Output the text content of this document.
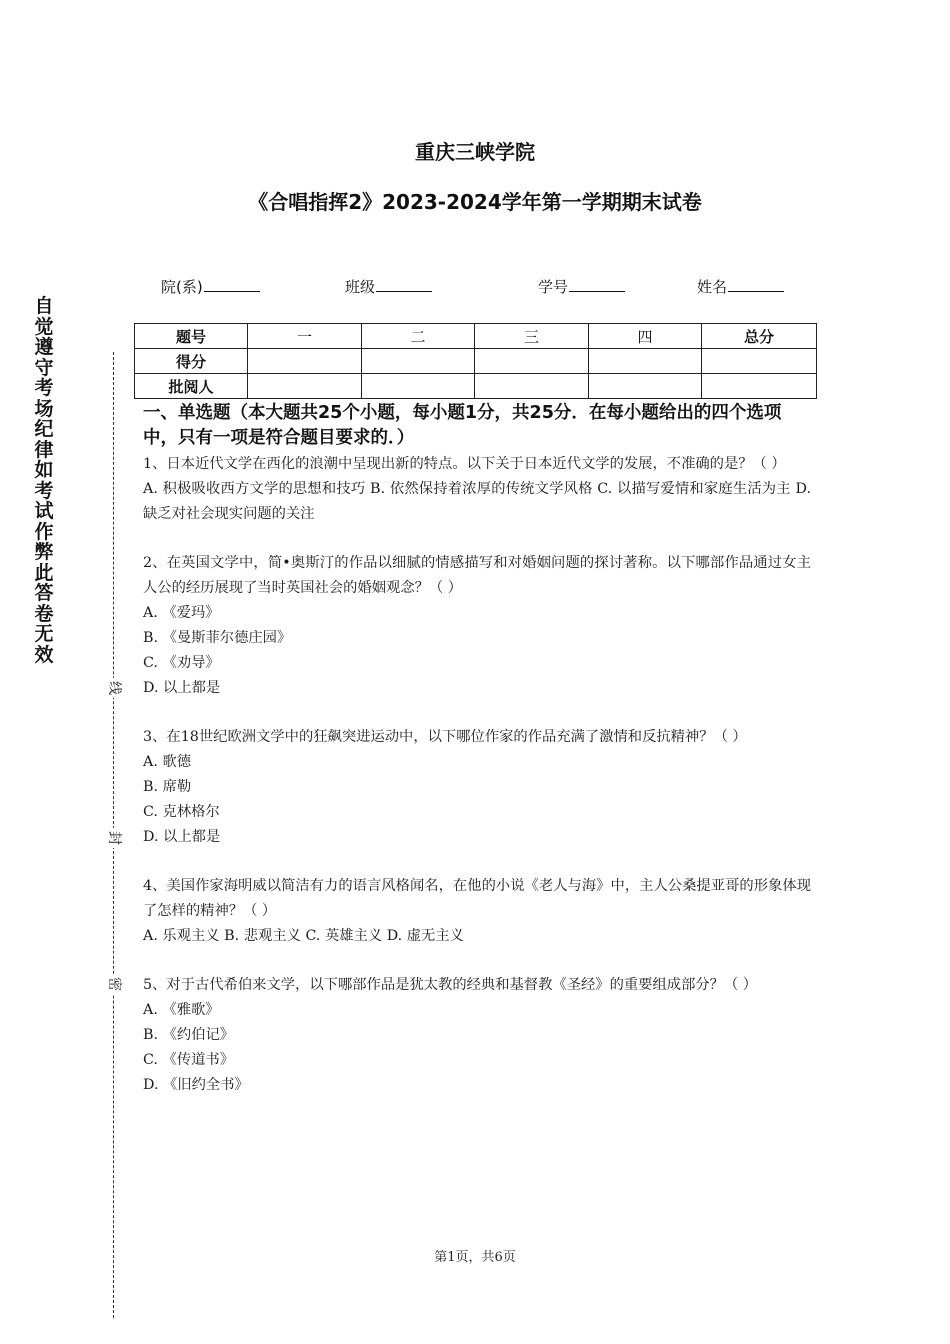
自觉遵守考场纪律如考试作弊此答卷无效
线
封
密
重庆三峡学院
《合唱指挥2》2023-2024学年第一学期期末试卷
院(系)	班级	学号	姓名
题号	一	二	三	四	总分
得分					
批阅人					
一、单选题（本大题共25个小题，每小题1分，共25分．在每小题给出的四个选项中，只有一项是符合题目要求的．）

1、日本近代文学在西化的浪潮中呈现出新的特点。以下关于日本近代文学的发展，不准确的是？（ ）

A. 积极吸收西方文学的思想和技巧 B. 依然保持着浓厚的传统文学风格 C. 以描写爱情和家庭生活为主 D. 缺乏对社会现实问题的关注

2、在英国文学中，简•奥斯汀的作品以细腻的情感描写和对婚姻问题的探讨著称。以下哪部作品通过女主人公的经历展现了当时英国社会的婚姻观念？（ ）

A. 《爱玛》

B. 《曼斯菲尔德庄园》

C. 《劝导》

D. 以上都是

3、在18世纪欧洲文学中的狂飙突进运动中，以下哪位作家的作品充满了激情和反抗精神？（ ）

A. 歌德

B. 席勒

C. 克林格尔

D. 以上都是

4、美国作家海明威以简洁有力的语言风格闻名，在他的小说《老人与海》中，主人公桑提亚哥的形象体现了怎样的精神？（ ）

A. 乐观主义 B. 悲观主义 C. 英雄主义 D. 虚无主义

5、对于古代希伯来文学，以下哪部作品是犹太教的经典和基督教《圣经》的重要组成部分？（ ）

A. 《雅歌》

B. 《约伯记》

C. 《传道书》

D. 《旧约全书》

第1页，共6页
